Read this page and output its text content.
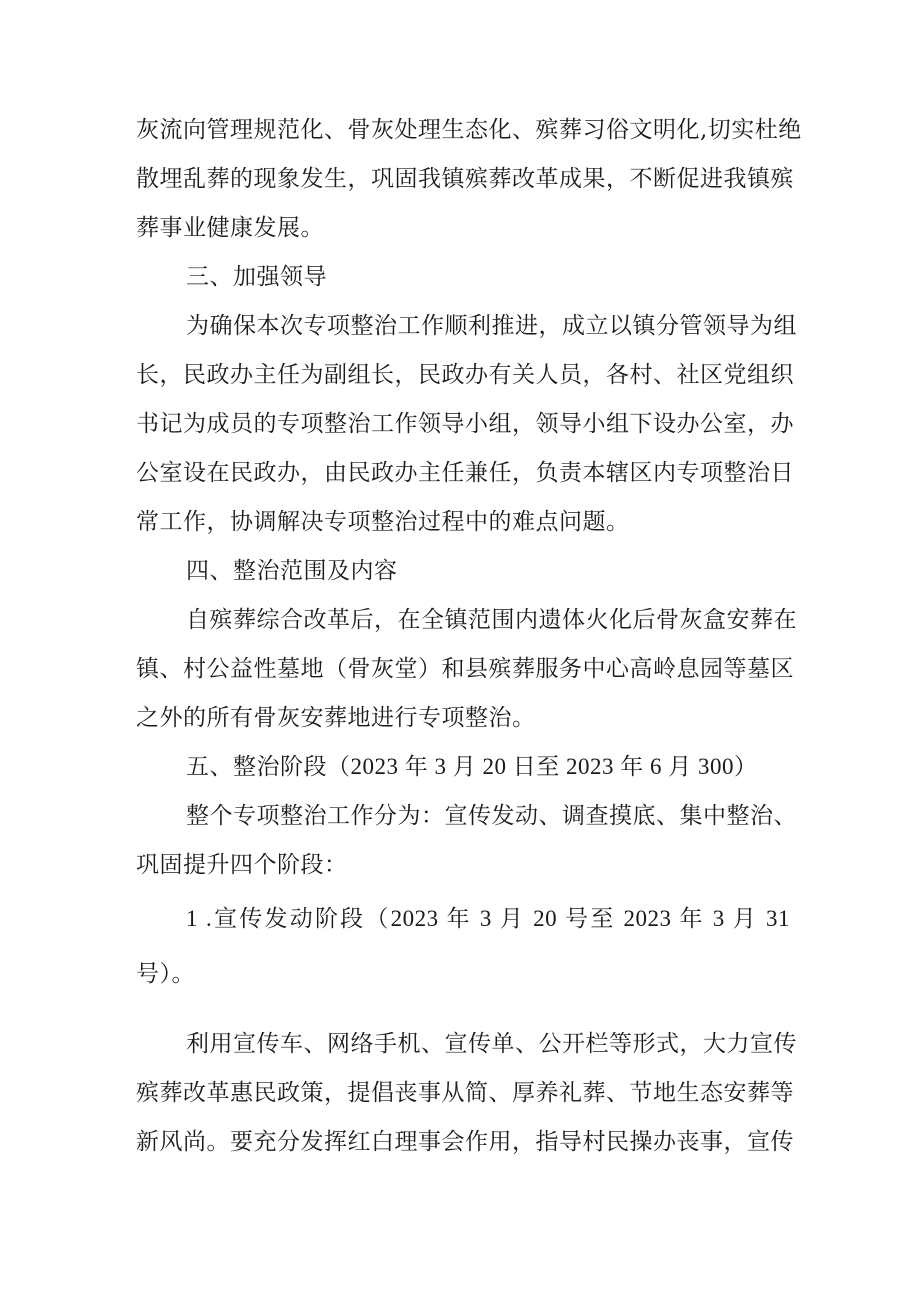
灰流向管理规范化、骨灰处理生态化、殡葬习俗文明化,切实杜绝
散埋乱葬的现象发生，巩固我镇殡葬改革成果，不断促进我镇殡
葬事业健康发展。
三、加强领导
为确保本次专项整治工作顺利推进，成立以镇分管领导为组
长，民政办主任为副组长，民政办有关人员，各村、社区党组织
书记为成员的专项整治工作领导小组，领导小组下设办公室，办
公室设在民政办，由民政办主任兼任，负责本辖区内专项整治日
常工作，协调解决专项整治过程中的难点问题。
四、整治范围及内容
自殡葬综合改革后，在全镇范围内遗体火化后骨灰盒安葬在
镇、村公益性墓地（骨灰堂）和县殡葬服务中心高岭息园等墓区
之外的所有骨灰安葬地进行专项整治。
五、整治阶段（2023 年 3 月 20 日至 2023 年 6 月 300）
整个专项整治工作分为：宣传发动、调查摸底、集中整治、
巩固提升四个阶段：
1 .宣传发动阶段（2023 年 3 月 20 号至 2023 年 3 月 31
号）。
利用宣传车、网络手机、宣传单、公开栏等形式，大力宣传
殡葬改革惠民政策，提倡丧事从简、厚养礼葬、节地生态安葬等
新风尚。要充分发挥红白理事会作用，指导村民操办丧事，宣传
